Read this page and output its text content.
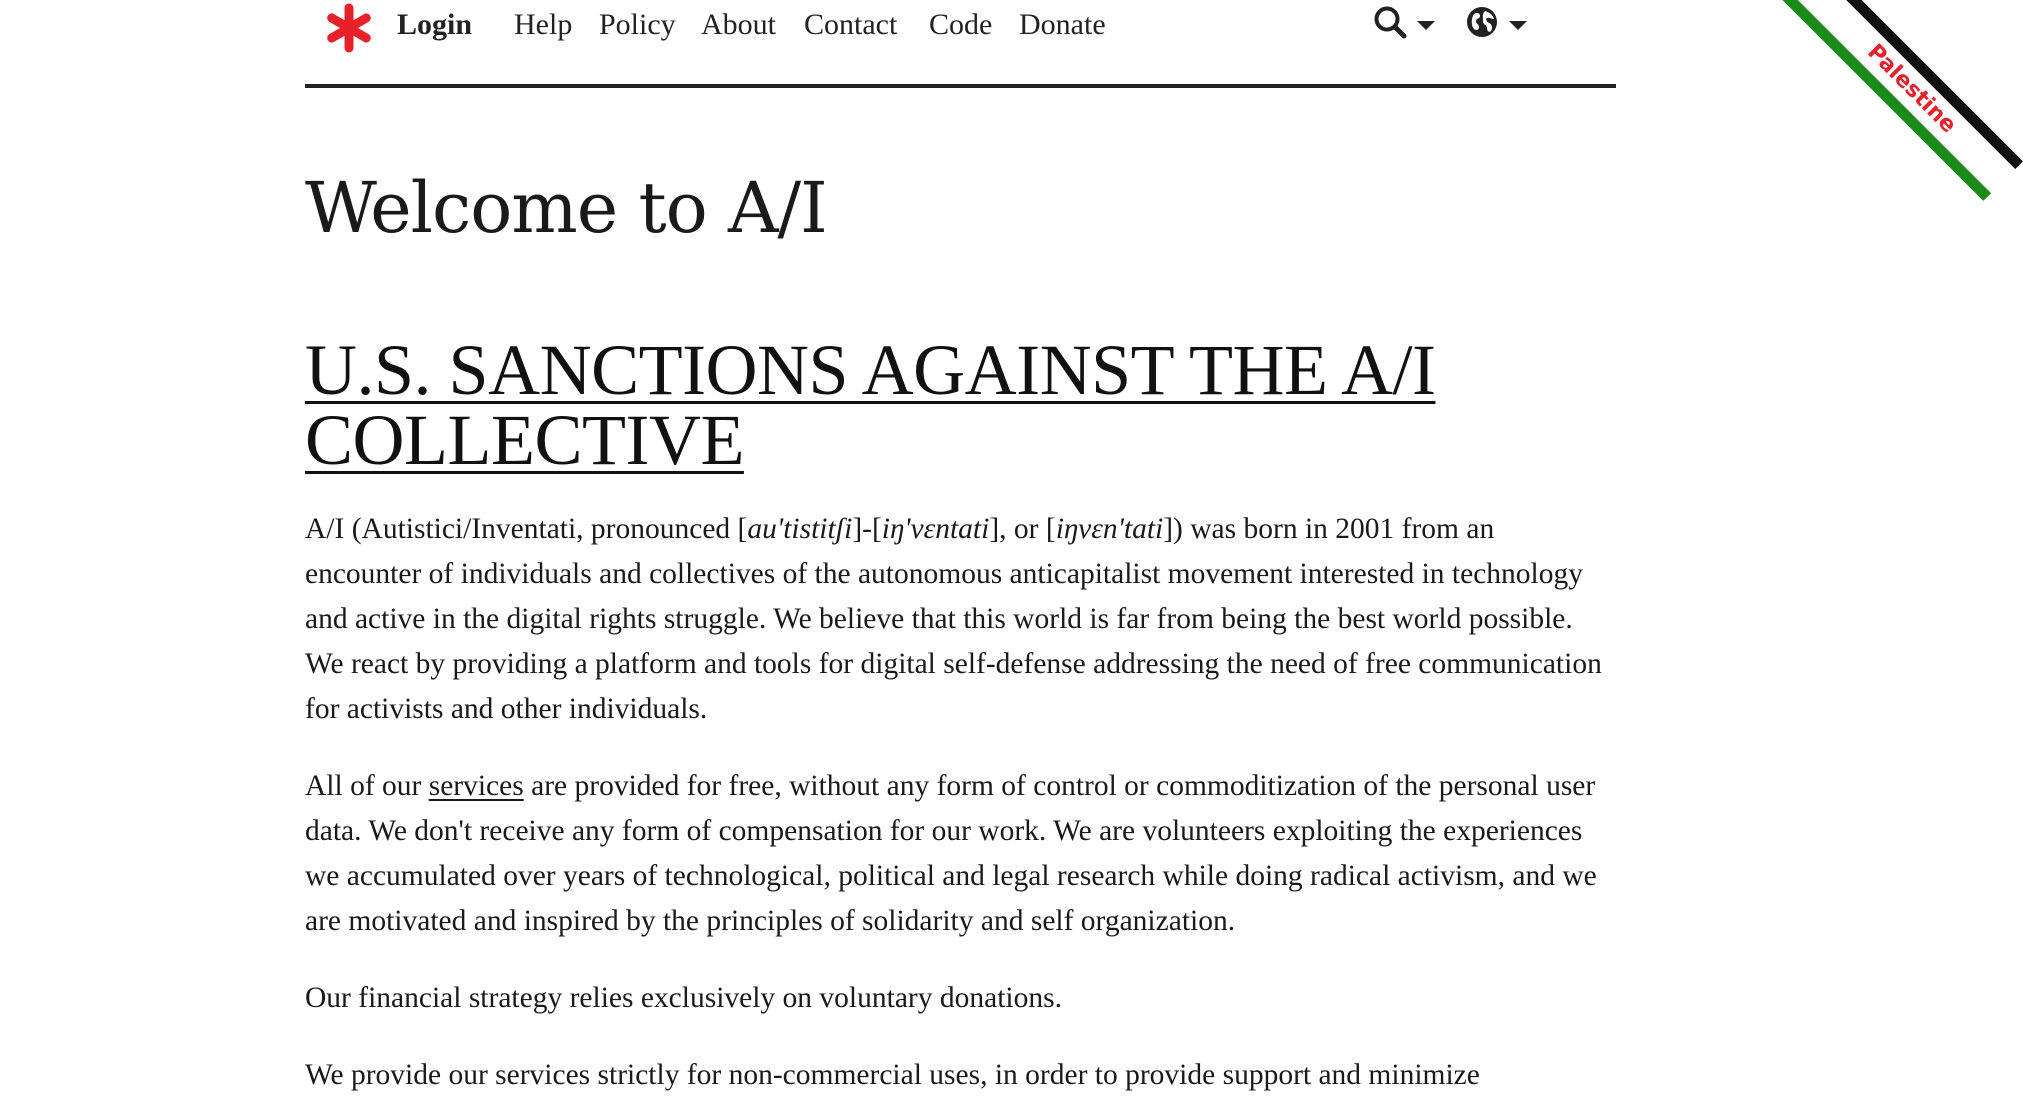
Login Help Policy About Contact Code Donate
Palestine
Welcome to A/I
U.S. SANCTIONS AGAINST THE A/I COLLECTIVE

A/I (Autistici/Inventati, pronounced [au'tistitʃi]-[iŋ'vɛntati], or [iŋvɛn'tati]) was born in 2001 from an encounter of individuals and collectives of the autonomous anticapitalist movement interested in technology and active in the digital rights struggle. We believe that this world is far from being the best world possible. We react by providing a platform and tools for digital self-defense addressing the need of free communication for activists and other individuals.

All of our services are provided for free, without any form of control or commoditization of the personal user data. We don't receive any form of compensation for our work. We are volunteers exploiting the experiences we accumulated over years of technological, political and legal research while doing radical activism, and we are motivated and inspired by the principles of solidarity and self organization.

Our financial strategy relies exclusively on voluntary donations.

We provide our services strictly for non-commercial uses, in order to provide support and minimize
